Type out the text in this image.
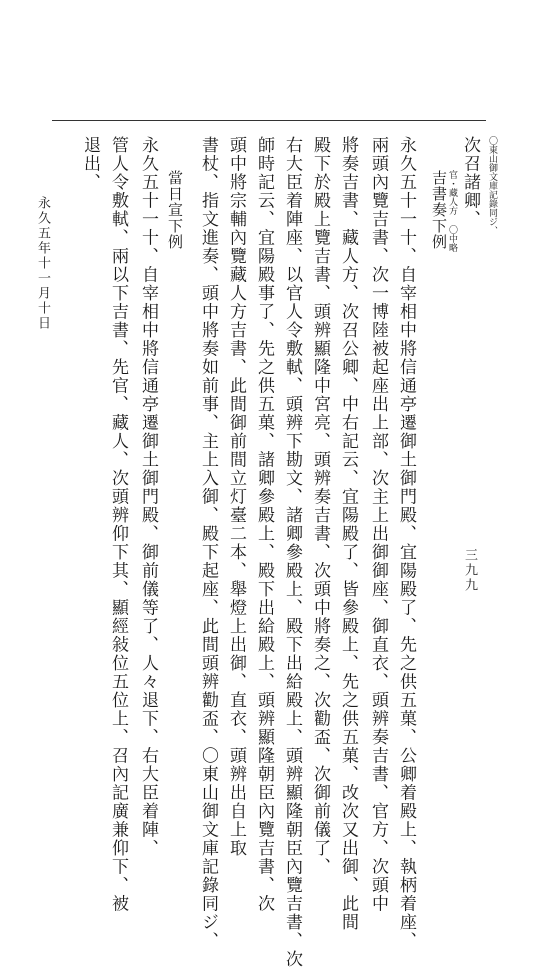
三九九
永久五年十一月十日
次召諸卿、 〇東山御文庫記錄同ジ、
吉書奏下例 官・藏人方 〇中略
永久五十一十、自宰相中將信通亭遷御土御門殿、宜陽殿了、先之供五菓、公卿着殿上、執柄着座、
兩頭內覽吉書、次一博陸被起座出上部、次主上出御御座、御直衣、頭辨奏吉書、官方、次頭中
將奏吉書、藏人方、次召公卿、中右記云、宜陽殿了、皆參殿上、先之供五菓、改次又出御、此間
殿下於殿上覽吉書、頭辨顯隆中宮亮、頭辨奏吉書、次頭中將奏之、次勸盃、次御前儀了、
右大臣着陣座、以官人令敷軾、頭辨下勘文、諸卿參殿上、殿下出給殿上、頭辨顯隆朝臣內覽吉書、次
師時記云、宜陽殿事了、先之供五菓、諸卿參殿上、殿下出給殿上、頭辨顯隆朝臣內覽吉書、次
頭中將宗輔內覽藏人方吉書、此間御前間立灯臺二本、舉燈上出御、直衣、頭辨出自上取
書杖、指文進奏、頭中將奏如前事、主上入御、殿下起座、此間頭辨勸盃、〇東山御文庫記錄同ジ、
當日宣下例
永久五十一十、自宰相中將信通亭遷御土御門殿、御前儀等了、人々退下、右大臣着陣、
管人令敷軾、兩以下吉書、先官、藏人、次頭辨仰下其、顯經敍位五位上、召內記廣兼仰下、被
退出、
